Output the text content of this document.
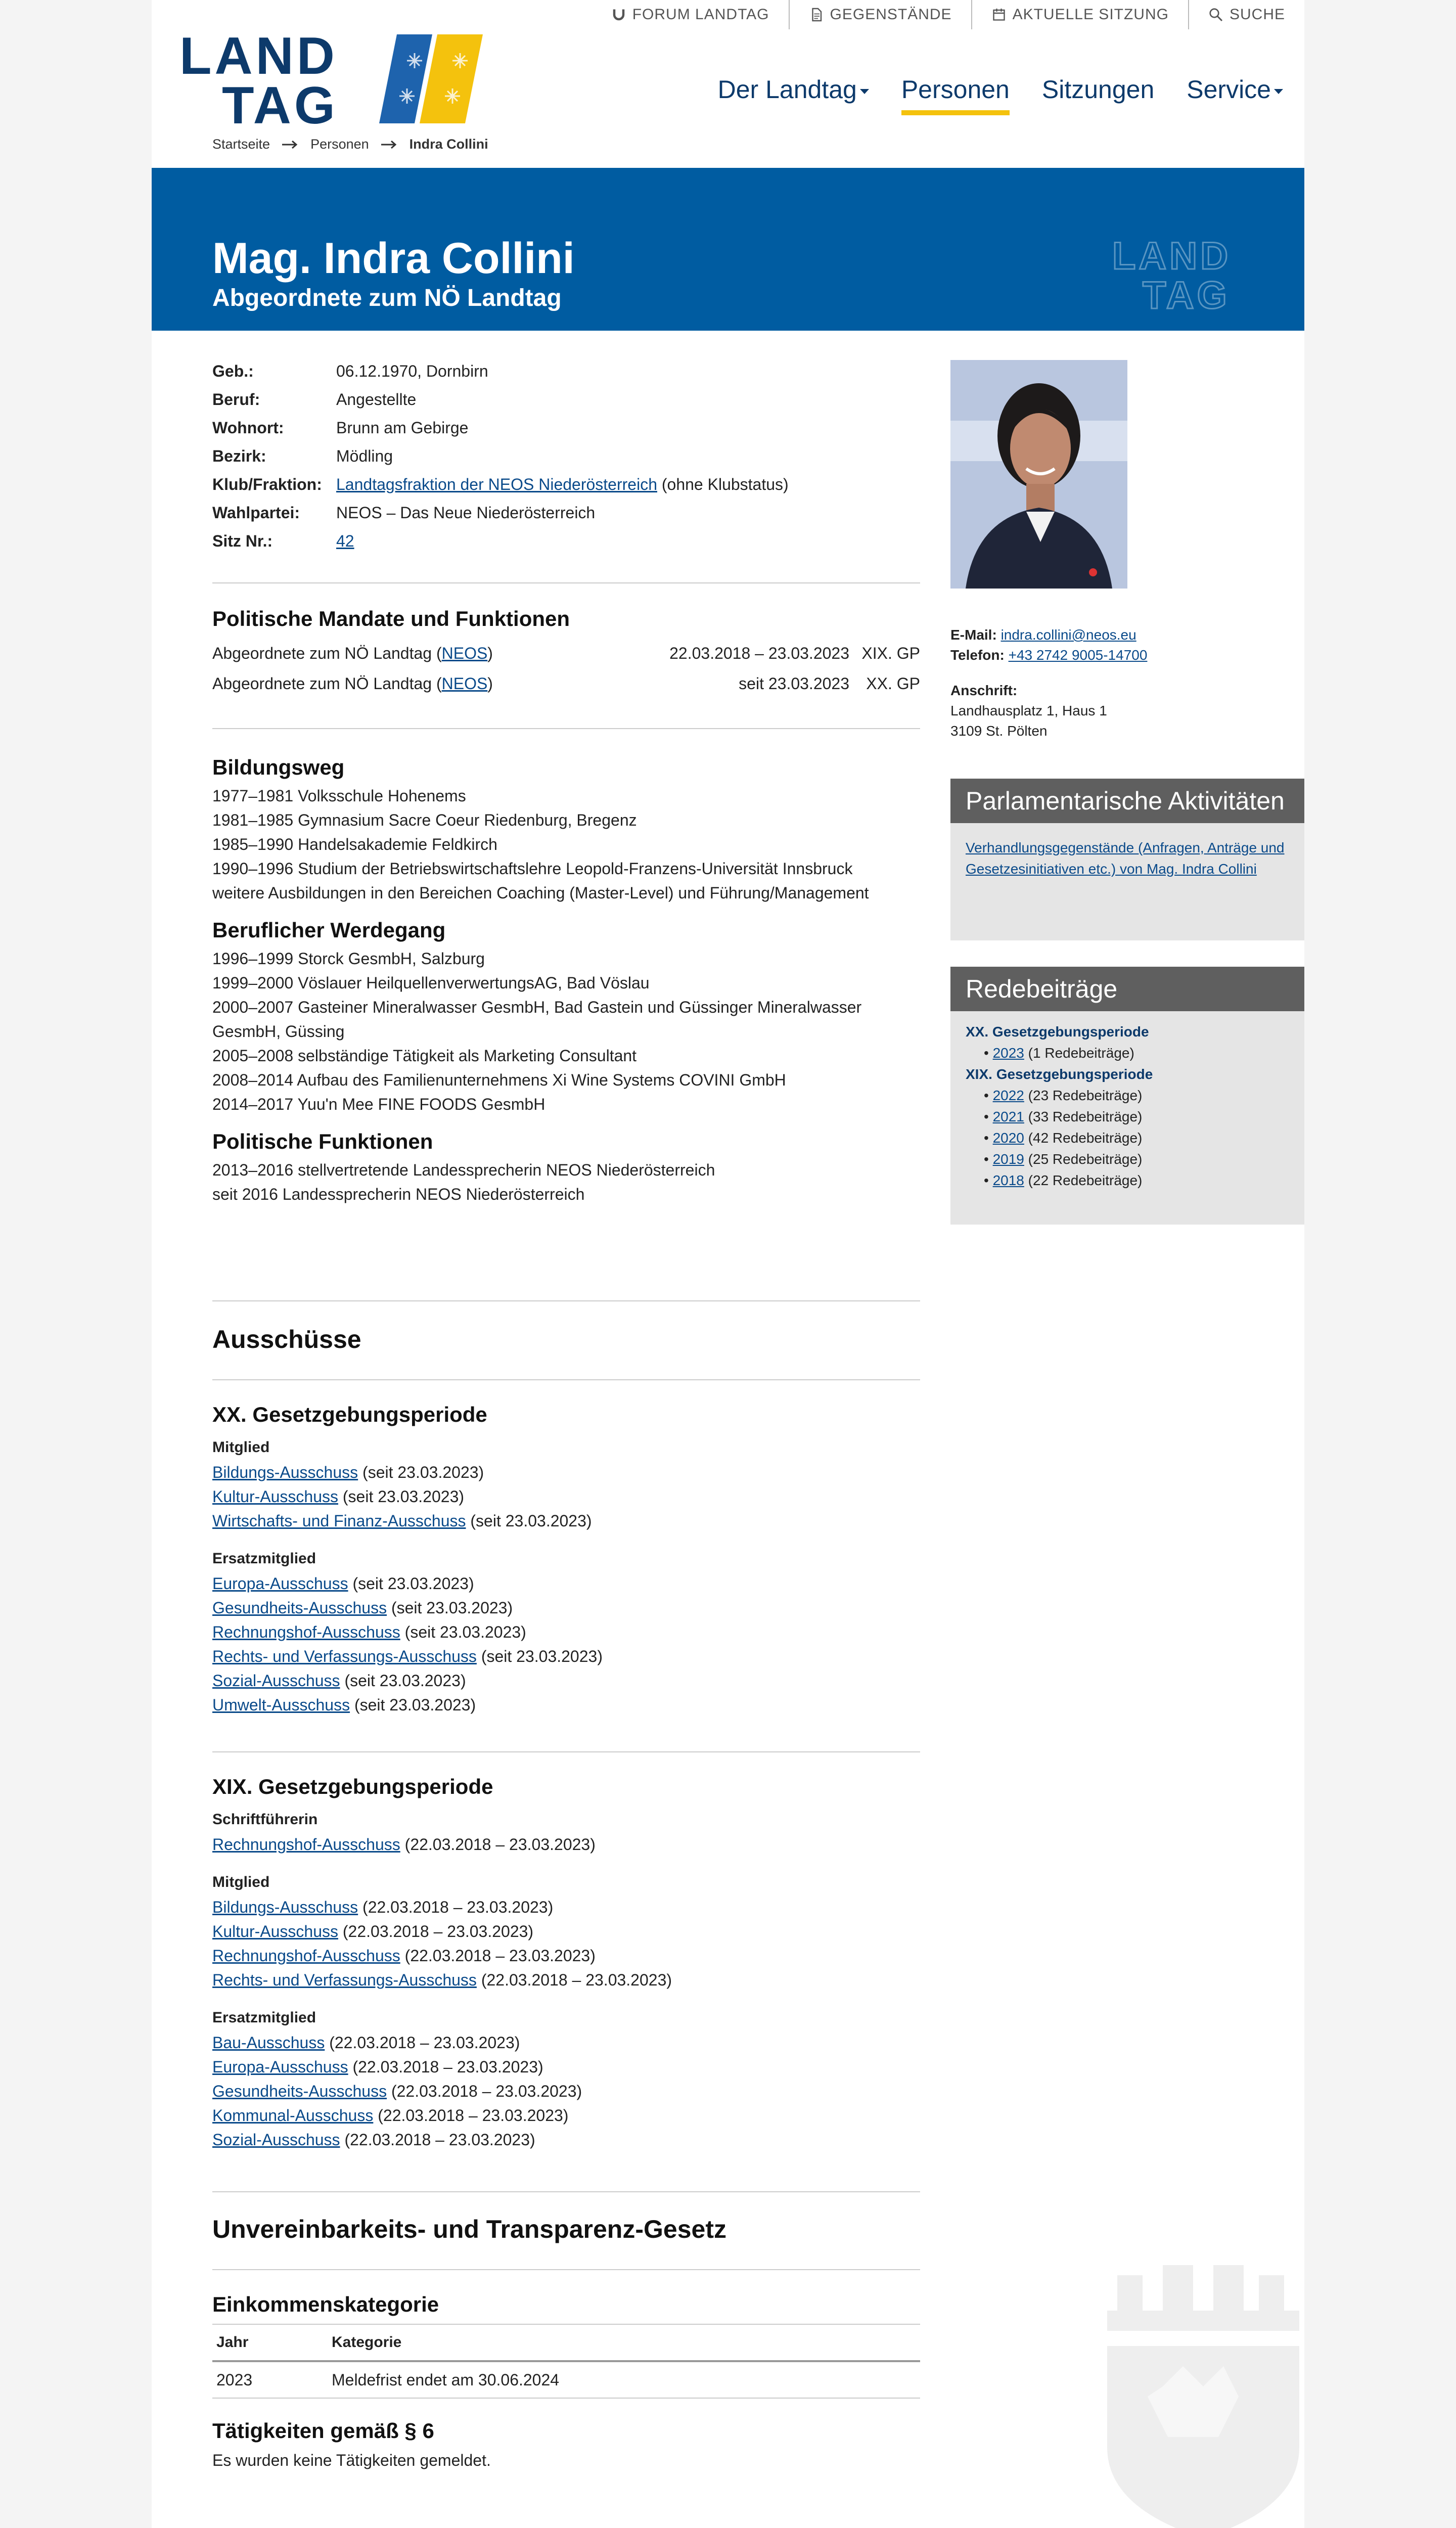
FORUM LANDTAG	GEGENSTÄNDE	AKTUELLE SITZUNG	SUCHE
LAND
TAG	Der Landtag	Personen Sitzungen Service
Startseite	Personen	Indra Collini
Mag. Indra Collini
Abgeordnete zum NÖ Landtag
LAND
TAG
Geb.:	06.12.1970, Dornbirn
Beruf:	Angestellte
Wohnort:	Brunn am Gebirge
Bezirk:	Mödling
Klub/Fraktion: Landtagsfraktion der NEOS Niederösterreich (ohne Klubstatus)
Wahlpartei:	NEOS – Das Neue Niederösterreich
Sitz Nr.:	42
Politische Mandate und Funktionen
Abgeordnete zum NÖ Landtag (NEOS)	22.03.2018 – 23.03.2023 XIX. GP
Abgeordnete zum NÖ Landtag (NEOS)	seit 23.03.2023	XX. GP
Bildungsweg
1977–1981 Volksschule Hohenems
1981–1985 Gymnasium Sacre Coeur Riedenburg, Bregenz
1985–1990 Handelsakademie Feldkirch
1990–1996 Studium der Betriebswirtschaftslehre Leopold-Franzens-Universität Innsbruck
weitere Ausbildungen in den Bereichen Coaching (Master-Level) und Führung/Management
Beruflicher Werdegang
1996–1999 Storck GesmbH, Salzburg
1999–2000 Vöslauer HeilquellenverwertungsAG, Bad Vöslau
2000–2007 Gasteiner Mineralwasser GesmbH, Bad Gastein und Güssinger Mineralwasser GesmbH, Güssing
2005–2008 selbständige Tätigkeit als Marketing Consultant
2008–2014 Aufbau des Familienunternehmens Xi Wine Systems COVINI GmbH
2014–2017 Yuu'n Mee FINE FOODS GesmbH
Politische Funktionen
2013–2016 stellvertretende Landessprecherin NEOS Niederösterreich
seit 2016 Landessprecherin NEOS Niederösterreich
Ausschüsse
XX. Gesetzgebungsperiode
Mitglied
Bildungs-Ausschuss (seit 23.03.2023)
Kultur-Ausschuss (seit 23.03.2023)
Wirtschafts- und Finanz-Ausschuss (seit 23.03.2023)
Ersatzmitglied
Europa-Ausschuss (seit 23.03.2023)
Gesundheits-Ausschuss (seit 23.03.2023)
Rechnungshof-Ausschuss (seit 23.03.2023)
Rechts- und Verfassungs-Ausschuss (seit 23.03.2023)
Sozial-Ausschuss (seit 23.03.2023)
Umwelt-Ausschuss (seit 23.03.2023)
XIX. Gesetzgebungsperiode
Schriftführerin
Rechnungshof-Ausschuss (22.03.2018 – 23.03.2023)
Mitglied
Bildungs-Ausschuss (22.03.2018 – 23.03.2023)
Kultur-Ausschuss (22.03.2018 – 23.03.2023)
Rechnungshof-Ausschuss (22.03.2018 – 23.03.2023)
Rechts- und Verfassungs-Ausschuss (22.03.2018 – 23.03.2023)
Ersatzmitglied
Bau-Ausschuss (22.03.2018 – 23.03.2023)
Europa-Ausschuss (22.03.2018 – 23.03.2023)
Gesundheits-Ausschuss (22.03.2018 – 23.03.2023)
Kommunal-Ausschuss (22.03.2018 – 23.03.2023)
Sozial-Ausschuss (22.03.2018 – 23.03.2023)
Unvereinbarkeits- und Transparenz-Gesetz
Einkommenskategorie
Jahr	Kategorie
2023	Meldefrist endet am 30.06.2024
Tätigkeiten gemäß § 6
Es wurden keine Tätigkeiten gemeldet.
E-Mail: indra.collini@neos.eu
Telefon: +43 2742 9005-14700
Anschrift:
Landhausplatz 1, Haus 1
3109 St. Pölten
Parlamentarische Aktivitäten
Verhandlungsgegenstände (Anfragen, Anträge und Gesetzesinitiativen etc.) von Mag. Indra Collini
Redebeiträge
XX. Gesetzgebungsperiode
• 2023 (1 Redebeiträge)
XIX. Gesetzgebungsperiode
• 2022 (23 Redebeiträge)
• 2021 (33 Redebeiträge)
• 2020 (42 Redebeiträge)
• 2019 (25 Redebeiträge)
• 2018 (22 Redebeiträge)
